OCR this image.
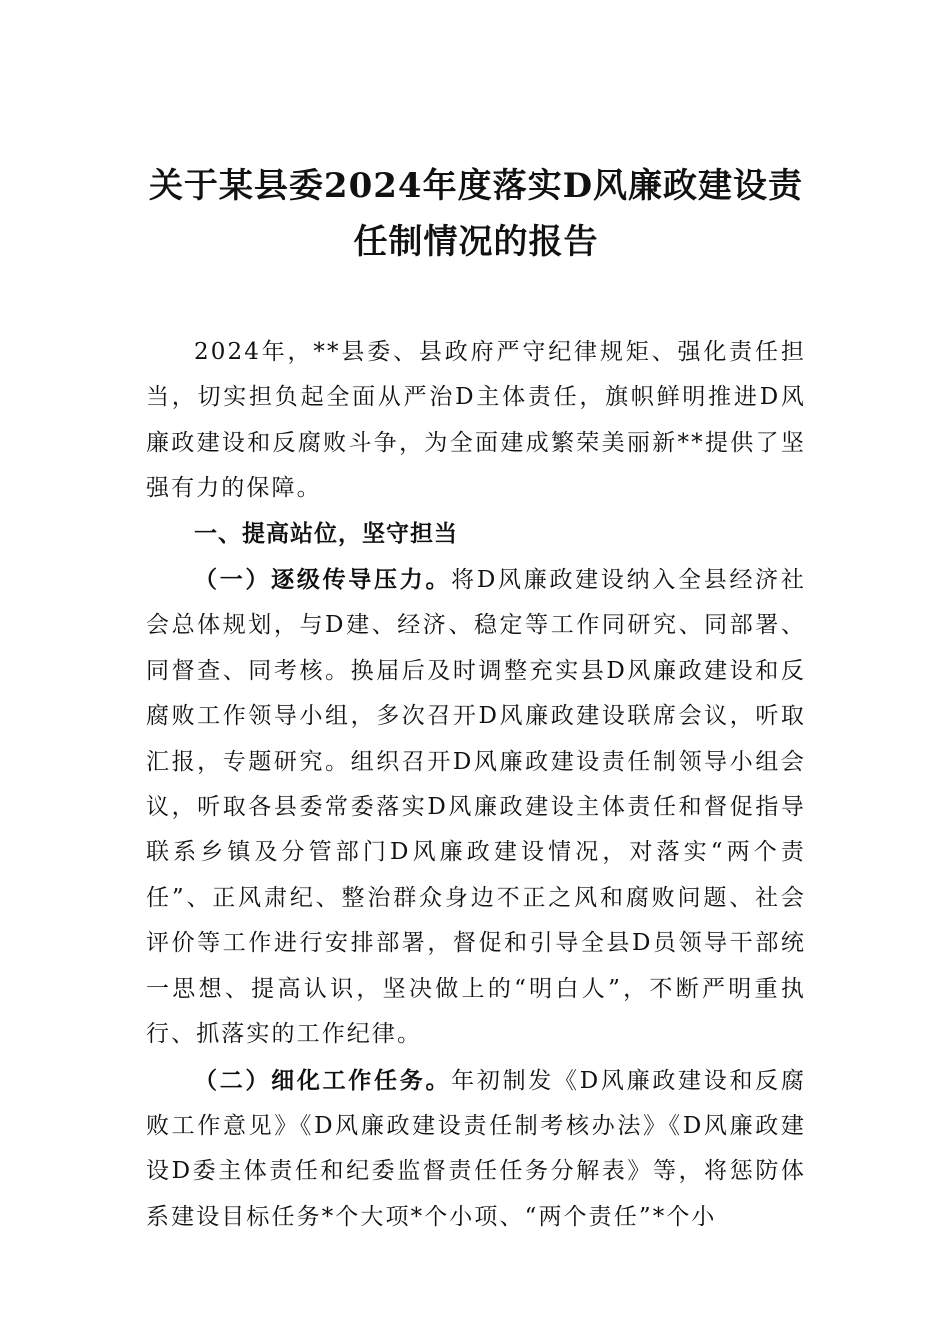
关于某县委2024年度落实D风廉政建设责
任制情况的报告

2024年，**县委、县政府严守纪律规矩、强化责任担当，切实担负起全面从严治D主体责任，旗帜鲜明推进D风廉政建设和反腐败斗争，为全面建成繁荣美丽新**提供了坚强有力的保障。

一、提高站位，坚守担当

（一）逐级传导压力。将D风廉政建设纳入全县经济社会总体规划，与D建、经济、稳定等工作同研究、同部署、同督查、同考核。换届后及时调整充实县D风廉政建设和反腐败工作领导小组，多次召开D风廉政建设联席会议，听取汇报，专题研究。组织召开D风廉政建设责任制领导小组会议，听取各县委常委落实D风廉政建设主体责任和督促指导联系乡镇及分管部门D风廉政建设情况，对落实“两个责任”、正风肃纪、整治群众身边不正之风和腐败问题、社会评价等工作进行安排部署，督促和引导全县D员领导干部统一思想、提高认识，坚决做上的“明白人”，不断严明重执行、抓落实的工作纪律。

（二）细化工作任务。年初制发《D风廉政建设和反腐败工作意见》《D风廉政建设责任制考核办法》《D风廉政建设D委主体责任和纪委监督责任任务分解表》等，将惩防体系建设目标任务*个大项*个小项、“两个责任”*个小
